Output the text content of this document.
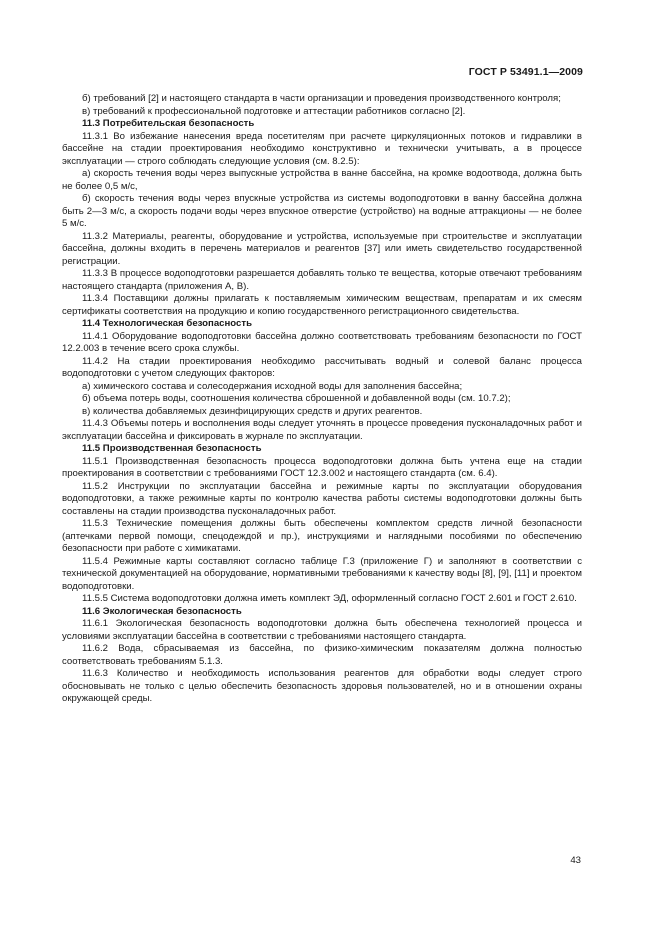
ГОСТ Р 53491.1—2009

б) требований [2] и настоящего стандарта в части организации и проведения производственного контроля;

в) требований к профессиональной подготовке и аттестации работников согласно [2].

11.3 Потребительская безопасность

11.3.1 Во избежание нанесения вреда посетителям при расчете циркуляционных потоков и гидравлики в бассейне на стадии проектирования необходимо конструктивно и технически учитывать, а в процессе эксплуатации — строго соблюдать следующие условия (см. 8.2.5):

а) скорость течения воды через выпускные устройства в ванне бассейна, на кромке водоотвода, должна быть не более 0,5 м/с,

б) скорость течения воды через впускные устройства из системы водоподготовки в ванну бассейна должна быть 2—3 м/с, а скорость подачи воды через впускное отверстие (устройство) на водные аттракционы — не более 5 м/с.

11.3.2 Материалы, реагенты, оборудование и устройства, используемые при строительстве и эксплуатации бассейна, должны входить в перечень материалов и реагентов [37] или иметь свидетельство государственной регистрации.

11.3.3 В процессе водоподготовки разрешается добавлять только те вещества, которые отвечают требованиям настоящего стандарта (приложения А, В).

11.3.4 Поставщики должны прилагать к поставляемым химическим веществам, препаратам и их смесям сертификаты соответствия на продукцию и копию государственного регистрационного свидетельства.

11.4 Технологическая безопасность

11.4.1 Оборудование водоподготовки бассейна должно соответствовать требованиям безопасности по ГОСТ 12.2.003 в течение всего срока службы.

11.4.2 На стадии проектирования необходимо рассчитывать водный и солевой баланс процесса водоподготовки с учетом следующих факторов:

а) химического состава и солесодержания исходной воды для заполнения бассейна;

б) объема потерь воды, соотношения количества сброшенной и добавленной воды (см. 10.7.2);

в) количества добавляемых дезинфицирующих средств и других реагентов.

11.4.3 Объемы потерь и восполнения воды следует уточнять в процессе проведения пусконаладочных работ и эксплуатации бассейна и фиксировать в журнале по эксплуатации.

11.5 Производственная безопасность

11.5.1 Производственная безопасность процесса водоподготовки должна быть учтена еще на стадии проектирования в соответствии с требованиями ГОСТ 12.3.002 и настоящего стандарта (см. 6.4).

11.5.2 Инструкции по эксплуатации бассейна и режимные карты по эксплуатации оборудования водоподготовки, а также режимные карты по контролю качества работы системы водоподготовки должны быть составлены на стадии производства пусконаладочных работ.

11.5.3 Технические помещения должны быть обеспечены комплектом средств личной безопасности (аптечками первой помощи, спецодеждой и пр.), инструкциями и наглядными пособиями по обеспечению безопасности при работе с химикатами.

11.5.4 Режимные карты составляют согласно таблице Г.3 (приложение Г) и заполняют в соответствии с технической документацией на оборудование, нормативными требованиями к качеству воды [8], [9], [11] и проектом водоподготовки.

11.5.5 Система водоподготовки должна иметь комплект ЭД, оформленный согласно ГОСТ 2.601 и ГОСТ 2.610.

11.6 Экологическая безопасность

11.6.1 Экологическая безопасность водоподготовки должна быть обеспечена технологией процесса и условиями эксплуатации бассейна в соответствии с требованиями настоящего стандарта.

11.6.2 Вода, сбрасываемая из бассейна, по физико-химическим показателям должна полностью соответствовать требованиям 5.1.3.

11.6.3 Количество и необходимость использования реагентов для обработки воды следует строго обосновывать не только с целью обеспечить безопасность здоровья пользователей, но и в отношении охраны окружающей среды.

43
